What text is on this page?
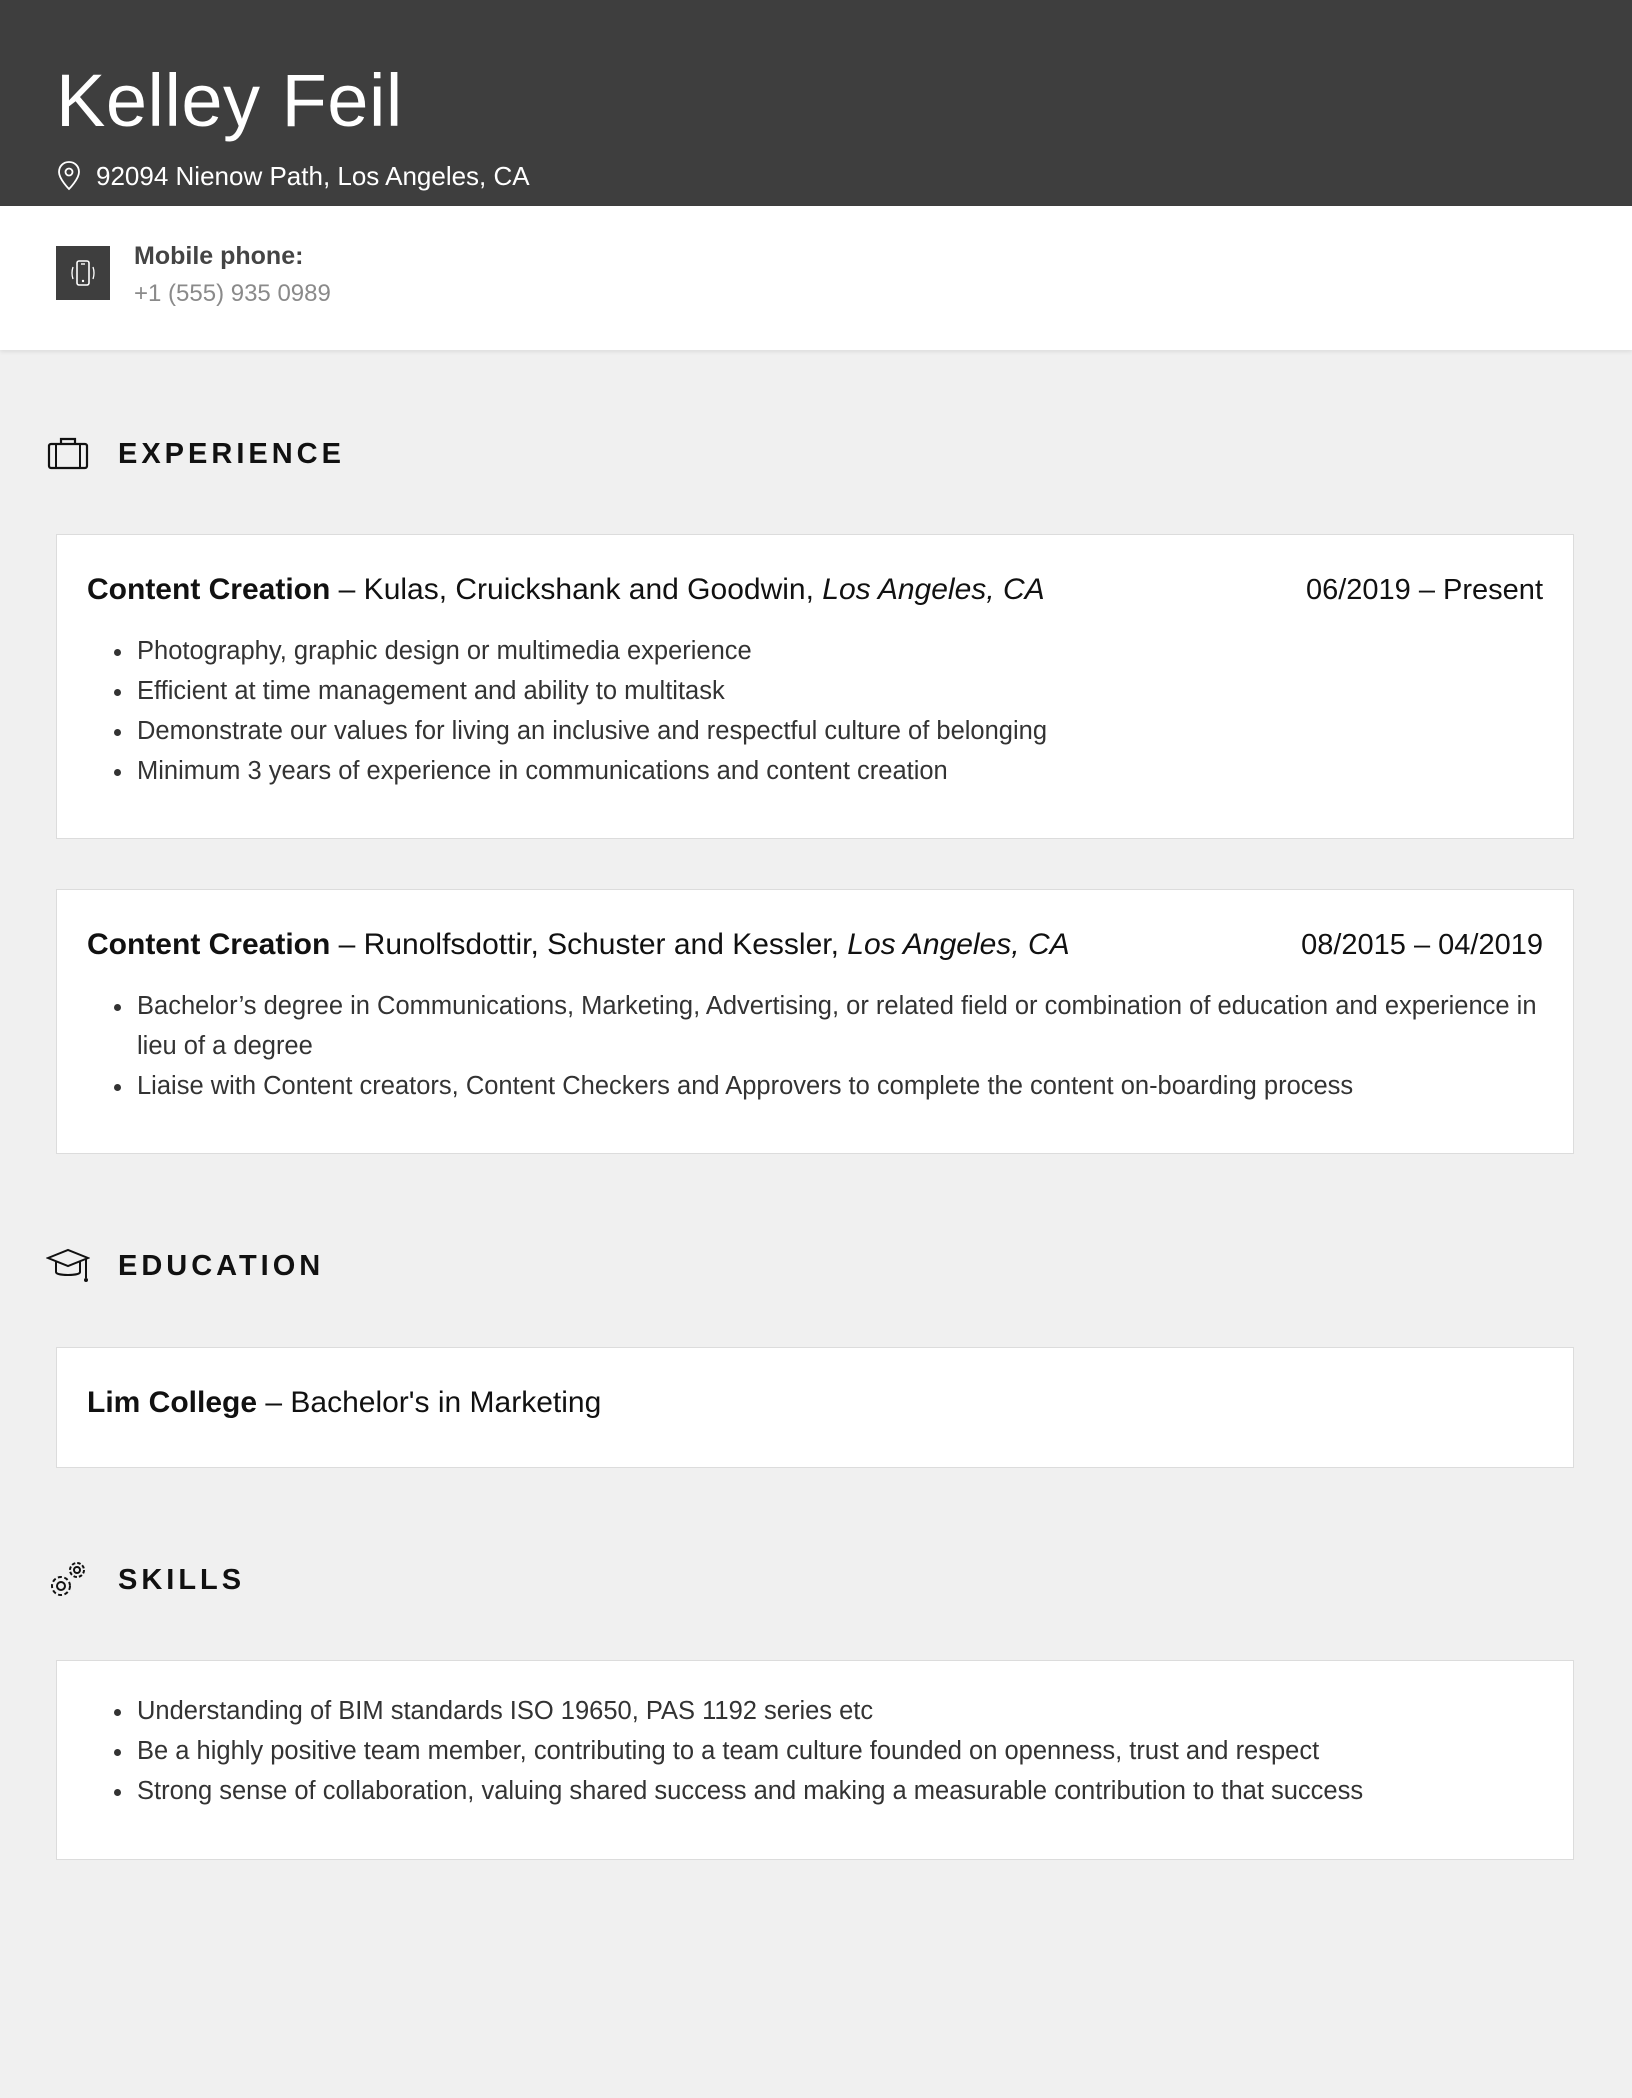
Kelley Feil
92094 Nienow Path, Los Angeles, CA
Mobile phone:
+1 (555) 935 0989
EXPERIENCE
Content Creation – Kulas, Cruickshank and Goodwin, Los Angeles, CA	06/2019 – Present
• Photography, graphic design or multimedia experience
• Efficient at time management and ability to multitask
• Demonstrate our values for living an inclusive and respectful culture of belonging
• Minimum 3 years of experience in communications and content creation
Content Creation – Runolfsdottir, Schuster and Kessler, Los Angeles, CA	08/2015 – 04/2019
• Bachelor’s degree in Communications, Marketing, Advertising, or related field or combination of education and experience in lieu of a degree
• Liaise with Content creators, Content Checkers and Approvers to complete the content on-boarding process
EDUCATION
Lim College – Bachelor's in Marketing
SKILLS
• Understanding of BIM standards ISO 19650, PAS 1192 series etc
• Be a highly positive team member, contributing to a team culture founded on openness, trust and respect
• Strong sense of collaboration, valuing shared success and making a measurable contribution to that success
